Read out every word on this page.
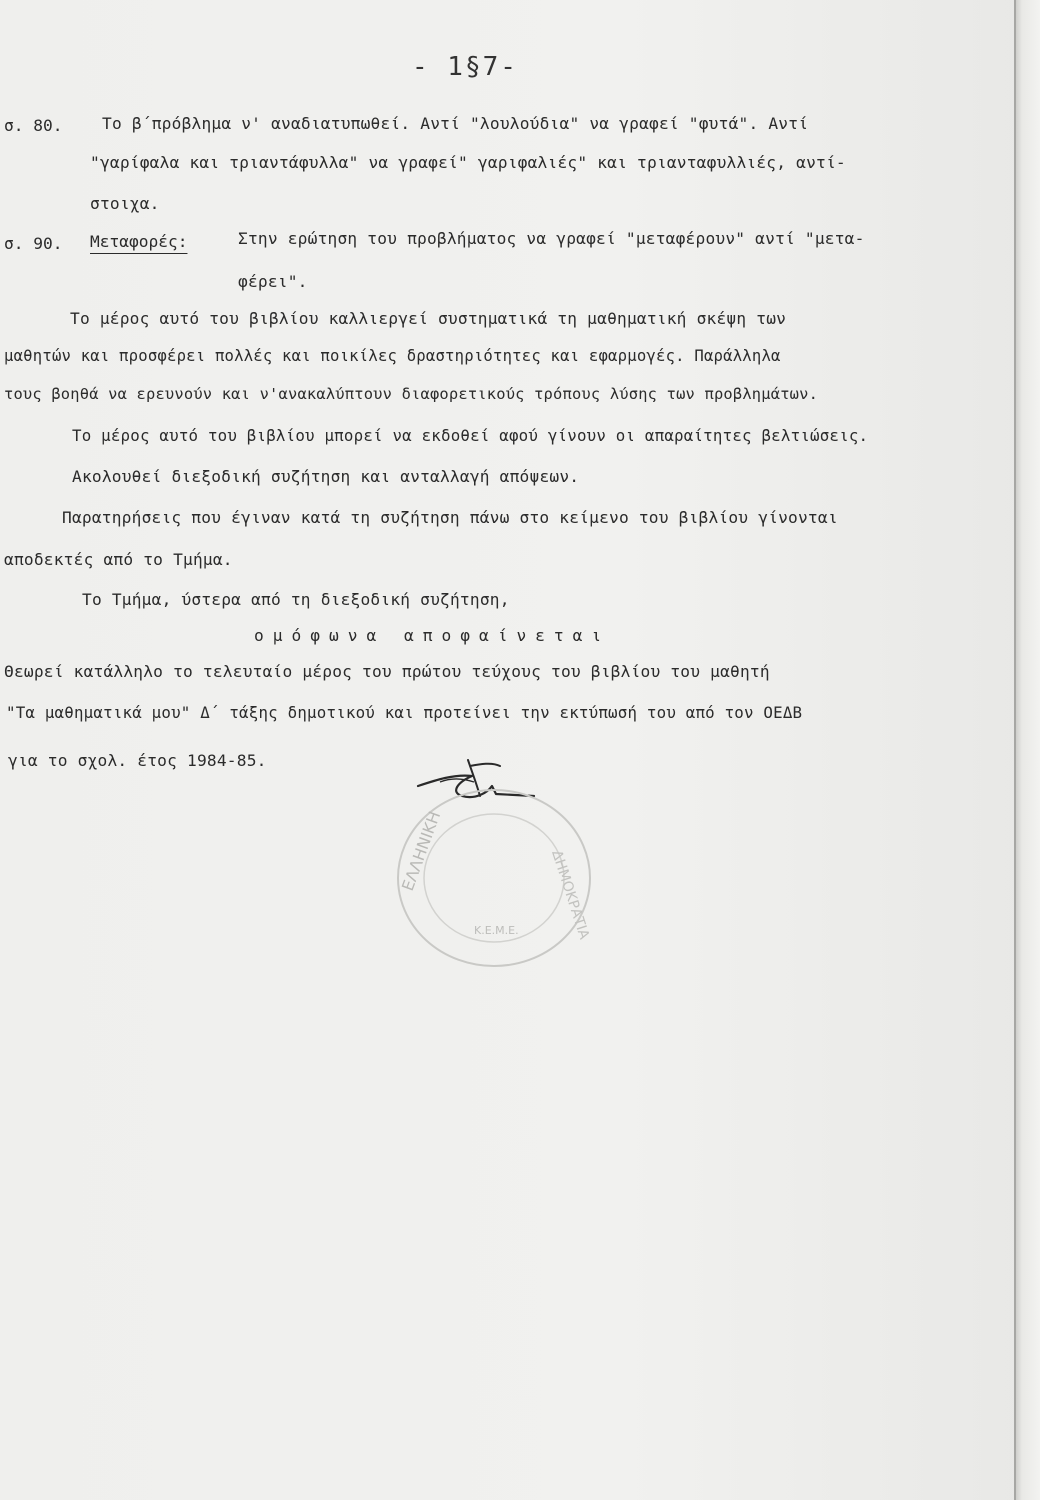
- 1§7-
σ. 80. Το β΄πρόβλημα ν' αναδιατυπωθεί. Αντί "λουλούδια" να γραφεί "φυτά". Αντί
"γαρίφαλα και τριαντάφυλλα" να γραφεί" γαριφαλιές" και τριανταφυλλιές, αντί-
στοιχα.
σ. 90. Μεταφορές:	Στην ερώτηση του προβλήματος να γραφεί "μεταφέρουν" αντί "μετα-
φέρει".
Το μέρος αυτό του βιβλίου καλλιεργεί συστηματικά τη μαθηματική σκέψη των
μαθητών και προσφέρει πολλές και ποικίλες δραστηριότητες και εφαρμογές. Παράλληλα
τους βοηθά να ερευνούν και ν'ανακαλύπτουν διαφορετικούς τρόπους λύσης των προβλημάτων.
Το μέρος αυτό του βιβλίου μπορεί να εκδοθεί αφού γίνουν οι απαραίτητες βελτιώσεις.
Ακολουθεί διεξοδική συζήτηση και ανταλλαγή απόψεων.
Παρατηρήσεις που έγιναν κατά τη συζήτηση πάνω στο κείμενο του βιβλίου γίνονται
αποδεκτές από το Τμήμα.
Το Τμήμα, ύστερα από τη διεξοδική συζήτηση,
ομόφωνα αποφαίνεται
Θεωρεί κατάλληλο το τελευταίο μέρος του πρώτου τεύχους του βιβλίου του μαθητή
"Τα μαθηματικά μου" Δ΄ τάξης δημοτικού και προτείνει την εκτύπωσή του από τον ΟΕΔΒ
για το σχολ. έτος 1984-85.
ΕΛΛΗΝΙΚΗ	ΔΗΜΟΚΡΑΤΙΑ
Κ.Ε.Μ.Ε.
